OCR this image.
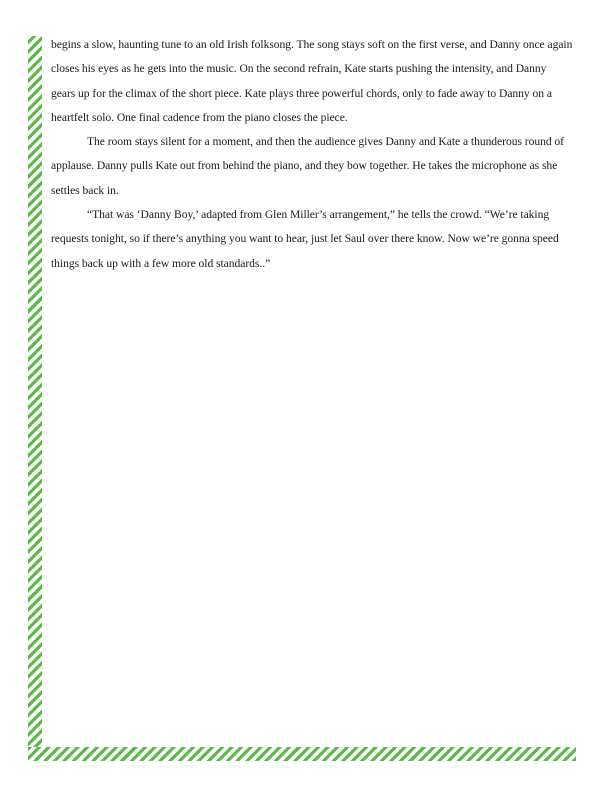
begins a slow, haunting tune to an old Irish folksong. The song stays soft on the first verse, and Danny once again closes his eyes as he gets into the music. On the second refrain, Kate starts pushing the intensity, and Danny gears up for the climax of the short piece. Kate plays three powerful chords, only to fade away to Danny on a heartfelt solo. One final cadence from the piano closes the piece.

The room stays silent for a moment, and then the audience gives Danny and Kate a thunderous round of applause. Danny pulls Kate out from behind the piano, and they bow together. He takes the microphone as she settles back in.

“That was ‘Danny Boy,’ adapted from Glen Miller’s arrangement,” he tells the crowd. “We’re taking requests tonight, so if there’s anything you want to hear, just let Saul over there know. Now we’re gonna speed things back up with a few more old standards..”
